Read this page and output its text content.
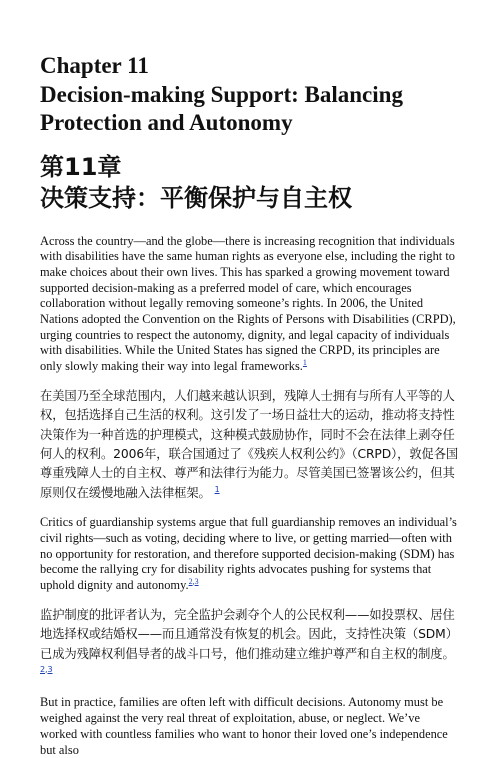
Chapter 11
Decision-making Support: Balancing
Protection and Autonomy
第11章
决策支持：平衡保护与自主权

Across the country—and the globe—there is increasing recognition that individuals with disabilities have the same human rights as everyone else, including the right to make choices about their own lives. This has sparked a growing movement toward supported decision-making as a preferred model of care, which encourages collaboration without legally removing someone’s rights. In 2006, the United Nations adopted the Convention on the Rights of Persons with Disabilities (CRPD), urging countries to respect the autonomy, dignity, and legal capacity of individuals with disabilities. While the United States has signed the CRPD, its principles are only slowly making their way into legal frameworks.$^1$

在美国乃至全球范围内，人们越来越认识到，残障人士拥有与所有人平等的人权，包括选择自己生活的权利。这引发了一场日益壮大的运动，推动将支持性决策作为一种首选的护理模式，这种模式鼓励协作，同时不会在法律上剥夺任何人的权利。2006年，联合国通过了《残疾人权利公约》（CRPD），敦促各国尊重残障人士的自主权、尊严和法律行为能力。尽管美国已签署该公约，但其原则仅在缓慢地融入法律框架。 $^1$

Critics of guardianship systems argue that full guardianship removes an individual’s civil rights—such as voting, deciding where to live, or getting married—often with no opportunity for restoration, and therefore supported decision-making (SDM) has become the rallying cry for disability rights advocates pushing for systems that uphold dignity and autonomy.$^{2,3}$

监护制度的批评者认为，完全监护会剥夺个人的公民权利——如投票权、居住地选择权或结婚权——而且通常没有恢复的机会。因此，支持性决策（SDM）已成为残障权利倡导者的战斗口号，他们推动建立维护尊严和自主权的制度。 $^{2,3}$

But in practice, families are often left with difficult decisions. Autonomy must be weighed against the very real threat of exploitation, abuse, or neglect. We’ve worked with countless families who want to honor their loved one’s independence but also
